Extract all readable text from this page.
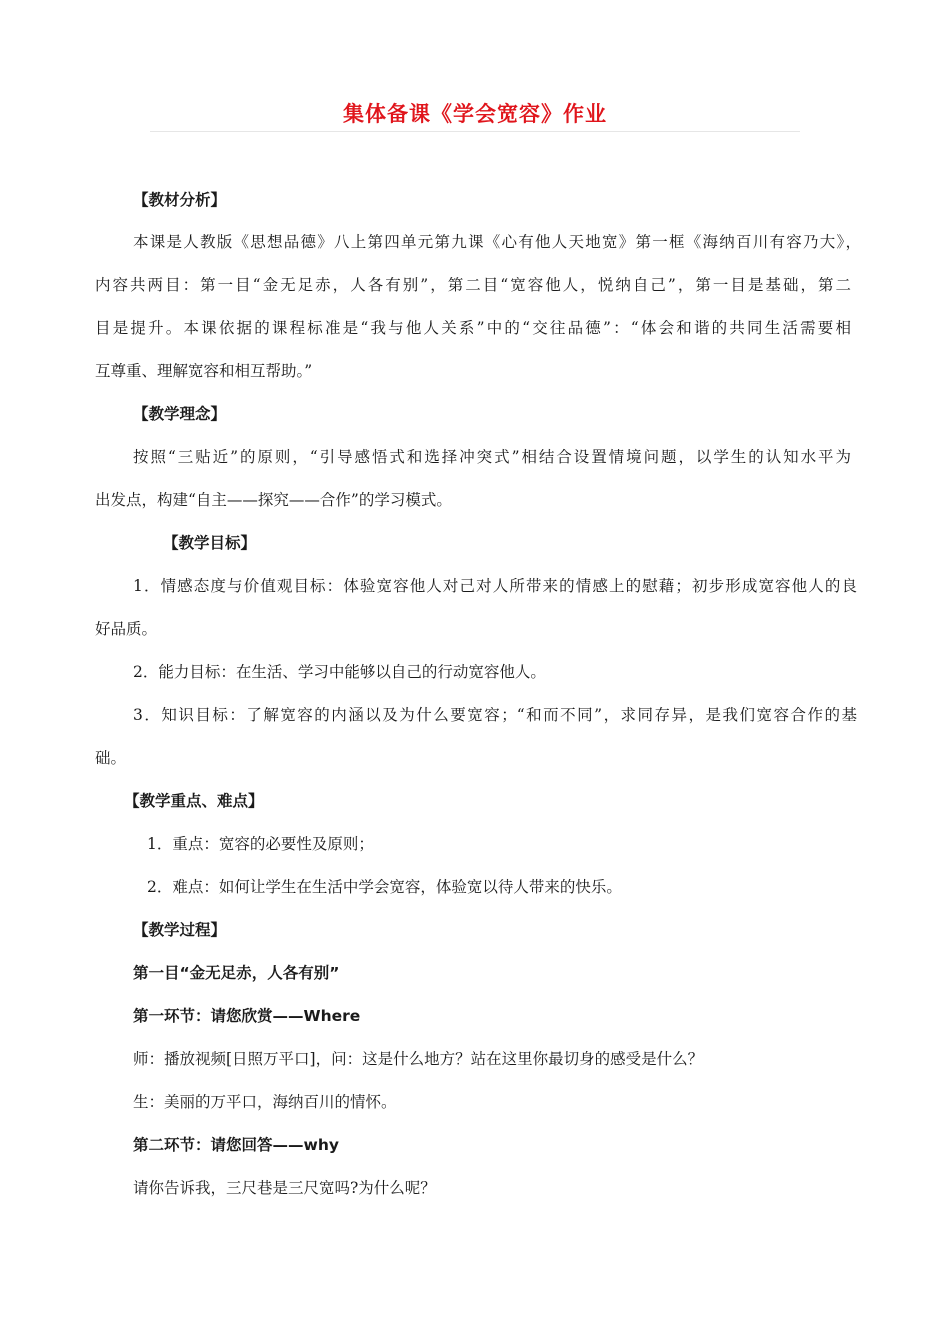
集体备课《学会宽容》作业
【教材分析】
本课是人教版《思想品德》八上第四单元第九课《心有他人天地宽》第一框《海纳百川有容乃大》，
内容共两目：第一目“金无足赤，人各有别”，第二目“宽容他人，悦纳自己”，第一目是基础，第二
目是提升。本课依据的课程标准是“我与他人关系”中的“交往品德”：“体会和谐的共同生活需要相
互尊重、理解宽容和相互帮助。”
【教学理念】
按照“三贴近”的原则，“引导感悟式和选择冲突式”相结合设置情境问题，以学生的认知水平为
出发点，构建“自主——探究——合作”的学习模式。
【教学目标】
1．情感态度与价值观目标：体验宽容他人对己对人所带来的情感上的慰藉；初步形成宽容他人的良
好品质。
2．能力目标：在生活、学习中能够以自己的行动宽容他人。
3．知识目标：了解宽容的内涵以及为什么要宽容；“和而不同”，求同存异，是我们宽容合作的基
础。
【教学重点、难点】
1．重点：宽容的必要性及原则；
2．难点：如何让学生在生活中学会宽容，体验宽以待人带来的快乐。
【教学过程】
第一目“金无足赤，人各有别”
第一环节：请您欣赏——Where
师：播放视频[日照万平口]，问：这是什么地方？站在这里你最切身的感受是什么？
生：美丽的万平口，海纳百川的情怀。
第二环节：请您回答——why
请你告诉我，三尺巷是三尺宽吗?为什么呢？
